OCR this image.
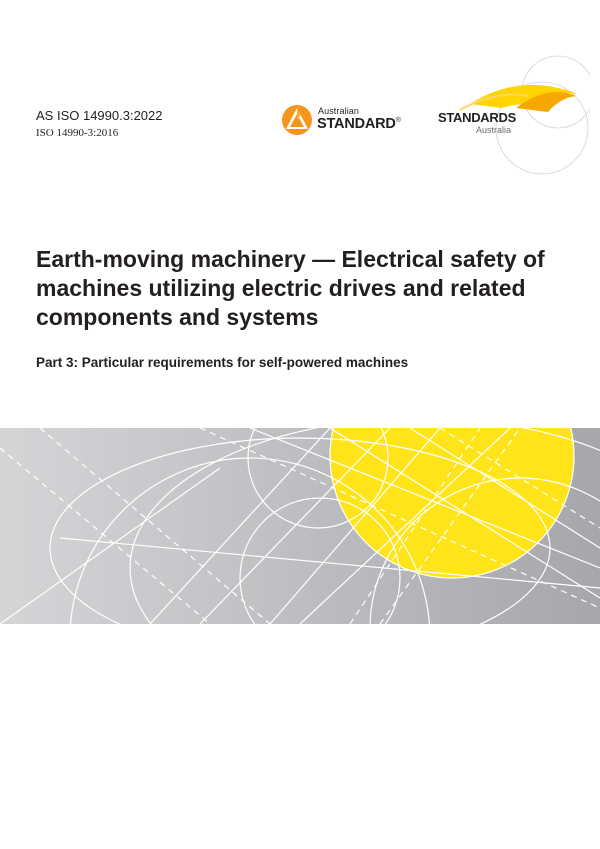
AS ISO 14990.3:2022
ISO 14990-3:2016
Australian
STANDARD®	STANDARDS
Australia
Earth-moving machinery — Electrical safety of machines utilizing electric drives and related components and systems
Part 3: Particular requirements for self-powered machines
